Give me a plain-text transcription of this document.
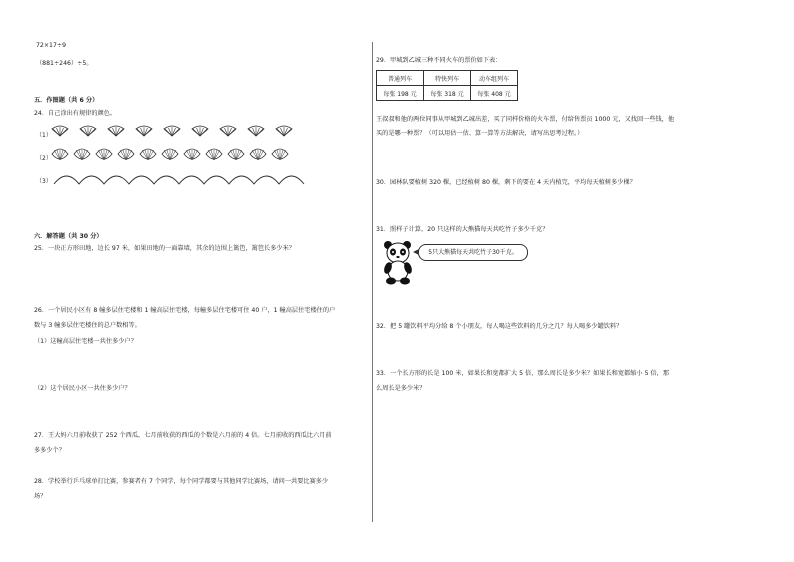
72×17÷9
（881÷246）÷5。
五．作图题（共 6 分）
24．自己涂出有规律的颜色。
（1）
（2）
（3）
六．解答题（共 30 分）
25．一块正方形田地，边长 97 米，如果田地的一面靠墙，其余的边围上篱笆，篱笆长多少米？
26．一个居民小区有 8 幢多层住宅楼和 1 幢高层住宅楼，每幢多层住宅楼可住 40 户，1 幢高层住宅楼住的户
数与 3 幢多层住宅楼住的总户数相等。
（1）这幢高层住宅楼一共住多少户？
（2）这个居民小区一共住多少户？
27．王大妈六月前收获了 252 个西瓜，七月前收获的西瓜的个数是六月前的 4 倍。七月前收的西瓜比六月前
多多少个？
28．学校举行乒乓球单打比赛，参赛者有 7 个同学，每个同学都要与其他同学比赛场，请问一共要比赛多少
场？
29．甲城到乙城三种不同火车的票价如下表：
普通列车	特快列车	动车组列车
每张 198 元	每张 318 元	每张 408 元
王叔叔和他的两位同事从甲城到乙城出差，买了同样价格的火车票，付给售票员 1000 元，又找回一些钱，他
买的是哪一种票？（可以用估一估、算一算等方法解决，请写出思考过程。）
30．园林队要植树 320 棵，已经植树 80 棵，剩下的要在 4 天内植完，平均每天植树多少棵？
31．照样子计算，20 只这样的大熊猫每天共吃竹子多少千克？
5只大熊猫每天共吃竹子30千克。
32．把 5 罐饮料平均分给 8 个小朋友，每人喝这些饮料的几分之几？每人喝多少罐饮料？
33．一个长方形的长是 100 米，如果长和宽都扩大 5 倍，那么周长是多少米？如果长和宽都缩小 5 倍，那
么周长是多少米？
